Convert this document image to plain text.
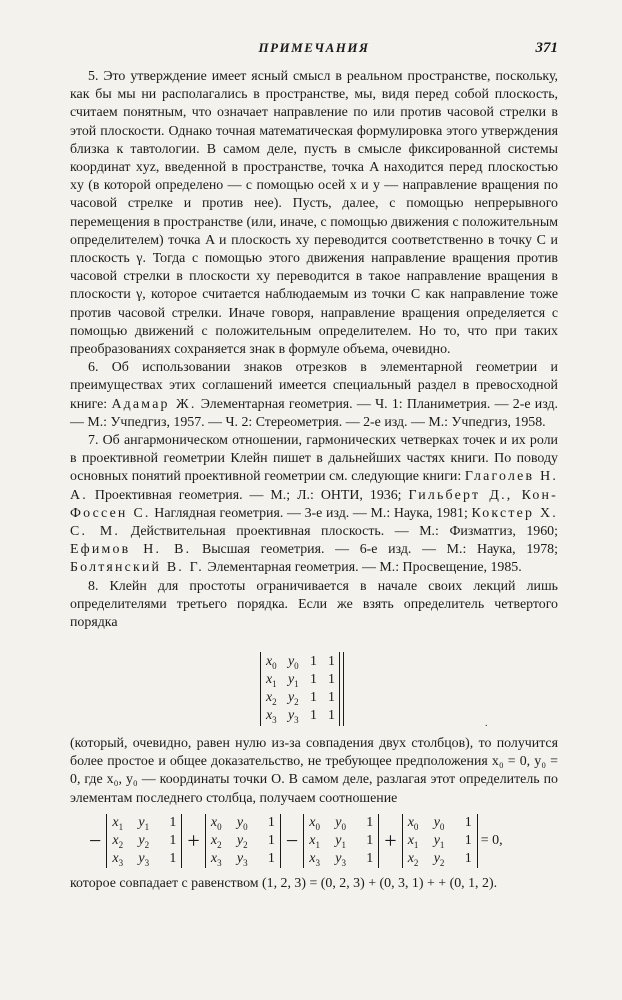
ПРИМЕЧАНИЯ	371

5. Это утверждение имеет ясный смысл в реальном пространстве, поскольку, как бы мы ни располагались в пространстве, мы, видя перед собой плоскость, считаем понятным, что означает направление по или против часовой стрелки в этой плоскости. Однако точная математическая формулировка этого утверждения близка к тавтологии. В самом деле, пусть в смысле фиксированной системы координат xyz, введенной в пространстве, точка A находится перед плоскостью xy (в которой определено — с помощью осей x и y — направление вращения по часовой стрелке и против нее). Пусть, далее, с помощью непрерывного перемещения в пространстве (или, иначе, с помощью движения с положительным определителем) точка A и плоскость xy переводится соответственно в точку C и плоскость γ. Тогда с помощью этого движения направление вращения против часовой стрелки в плоскости xy переводится в такое направление вращения в плоскости γ, которое считается наблюдаемым из точки C как направление тоже против часовой стрелки. Иначе говоря, направление вращения определяется с помощью движений с положительным определителем. Но то, что при таких преобразованиях сохраняется знак в формуле объема, очевидно.

6. Об использовании знаков отрезков в элементарной геометрии и преимуществах этих соглашений имеется специальный раздел в превосходной книге: Адамар Ж. Элементарная геометрия. — Ч. 1: Планиметрия. — 2-е изд. — М.: Учпедгиз, 1957. — Ч. 2: Стереометрия. — 2-е изд. — М.: Учпедгиз, 1958.

7. Об ангармоническом отношении, гармонических четверках точек и их роли в проективной геометрии Клейн пишет в дальнейших частях книги. По поводу основных понятий проективной геометрии см. следующие книги: Глаголев Н. А. Проективная геометрия. — М.; Л.: ОНТИ, 1936; Гильберт Д., Кон-Фоссен С. Наглядная геометрия. — 3-е изд. — М.: Наука, 1981; Кокстер Х. С. М. Действительная проективная плоскость. — М.: Физматгиз, 1960; Ефимов Н. В. Высшая геометрия. — 6-е изд. — М.: Наука, 1978; Болтянский В. Г. Элементарная геометрия. — М.: Просвещение, 1985.

8. Клейн для простоты ограничивается в начале своих лекций лишь определителями третьего порядка. Если же взять определитель четвертого порядка

$x_0$ $y_0$ 1 1
$x_1$ $y_1$ 1 1
$x_2$ $y_2$ 1 1
$x_3$ $y_3$ 1 1
.

(который, очевидно, равен нулю из-за совпадения двух столбцов), то получится более простое и общее доказательство, не требующее предположения x₀ = 0, y₀ = 0, где x₀, y₀ — координаты точки O. В самом деле, разлагая этот определитель по элементам последнего столбца, получаем соотношение

−
$x_1$	$y_1$	1
$x_2$	$y_2$	1
$x_3$	$y_3$	1
+
$x_0$	$y_0$	1
$x_2$	$y_2$	1
$x_3$	$y_3$	1
−
$x_0$	$y_0$	1
$x_1$	$y_1$	1
$x_3$	$y_3$	1
+
$x_0$	$y_0$	1
$x_1$	$y_1$	1
$x_2$	$y_2$	1
= 0,

которое совпадает с равенством (1, 2, 3) = (0, 2, 3) + (0, 3, 1) + + (0, 1, 2).
